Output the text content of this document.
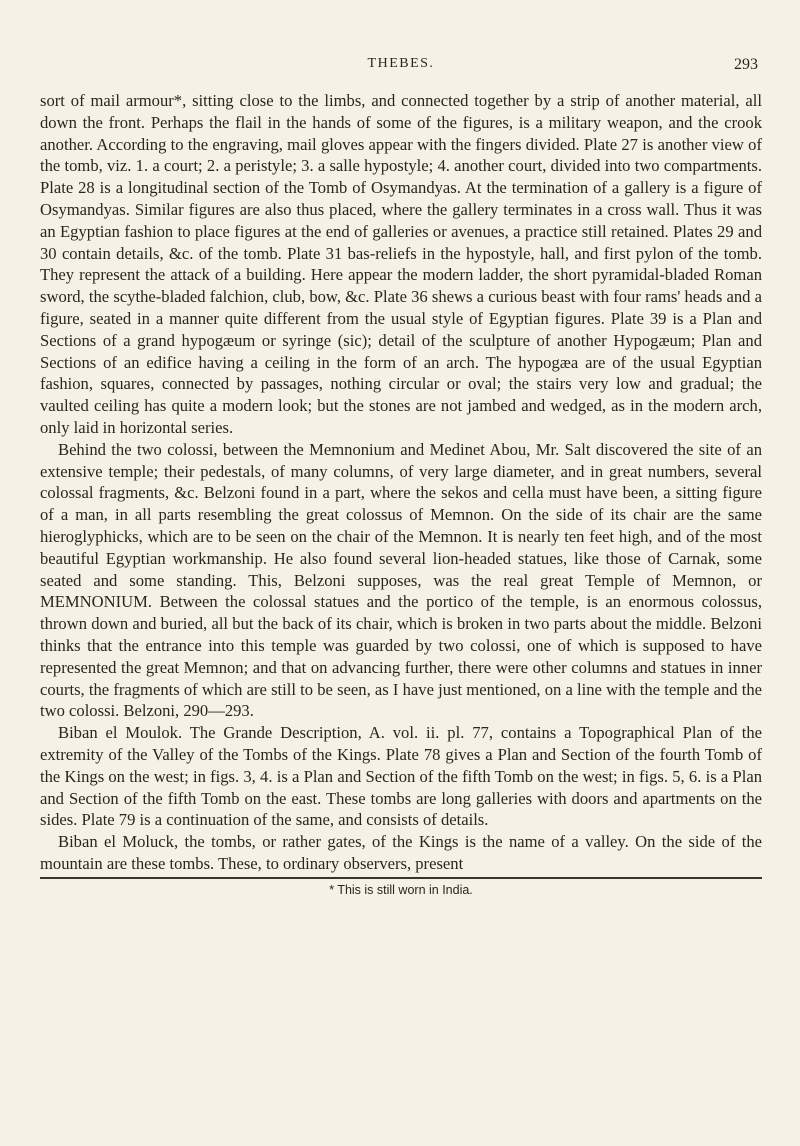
THEBES.	293

sort of mail armour*, sitting close to the limbs, and connected together by a strip of another material, all down the front. Perhaps the flail in the hands of some of the figures, is a military weapon, and the crook another. According to the engraving, mail gloves appear with the fingers divided. Plate 27 is another view of the tomb, viz. 1. a court; 2. a peristyle; 3. a salle hypostyle; 4. another court, divided into two compartments. Plate 28 is a longitudinal section of the Tomb of Osymandyas. At the termination of a gallery is a figure of Osymandyas. Similar figures are also thus placed, where the gallery terminates in a cross wall. Thus it was an Egyptian fashion to place figures at the end of galleries or avenues, a practice still retained. Plates 29 and 30 contain details, &c. of the tomb. Plate 31 bas-reliefs in the hypostyle, hall, and first pylon of the tomb. They represent the attack of a building. Here appear the modern ladder, the short pyramidal-bladed Roman sword, the scythe-bladed falchion, club, bow, &c. Plate 36 shews a curious beast with four rams' heads and a figure, seated in a manner quite different from the usual style of Egyptian figures. Plate 39 is a Plan and Sections of a grand hypogæum or syringe (sic); detail of the sculpture of another Hypogæum; Plan and Sections of an edifice having a ceiling in the form of an arch. The hypogæa are of the usual Egyptian fashion, squares, connected by passages, nothing circular or oval; the stairs very low and gradual; the vaulted ceiling has quite a modern look; but the stones are not jambed and wedged, as in the modern arch, only laid in horizontal series.

Behind the two colossi, between the Memnonium and Medinet Abou, Mr. Salt discovered the site of an extensive temple; their pedestals, of many columns, of very large diameter, and in great numbers, several colossal fragments, &c. Belzoni found in a part, where the sekos and cella must have been, a sitting figure of a man, in all parts resembling the great colossus of Memnon. On the side of its chair are the same hieroglyphicks, which are to be seen on the chair of the Memnon. It is nearly ten feet high, and of the most beautiful Egyptian workmanship. He also found several lion-headed statues, like those of Carnak, some seated and some standing. This, Belzoni supposes, was the real great Temple of Memnon, or MEMNONIUM. Between the colossal statues and the portico of the temple, is an enormous colossus, thrown down and buried, all but the back of its chair, which is broken in two parts about the middle. Belzoni thinks that the entrance into this temple was guarded by two colossi, one of which is supposed to have represented the great Memnon; and that on advancing further, there were other columns and statues in inner courts, the fragments of which are still to be seen, as I have just mentioned, on a line with the temple and the two colossi. Belzoni, 290—293.

Biban el Moulok. The Grande Description, A. vol. ii. pl. 77, contains a Topographical Plan of the extremity of the Valley of the Tombs of the Kings. Plate 78 gives a Plan and Section of the fourth Tomb of the Kings on the west; in figs. 3, 4. is a Plan and Section of the fifth Tomb on the west; in figs. 5, 6. is a Plan and Section of the fifth Tomb on the east. These tombs are long galleries with doors and apartments on the sides. Plate 79 is a continuation of the same, and consists of details.

Biban el Moluck, the tombs, or rather gates, of the Kings is the name of a valley. On the side of the mountain are these tombs. These, to ordinary observers, present

* This is still worn in India.
